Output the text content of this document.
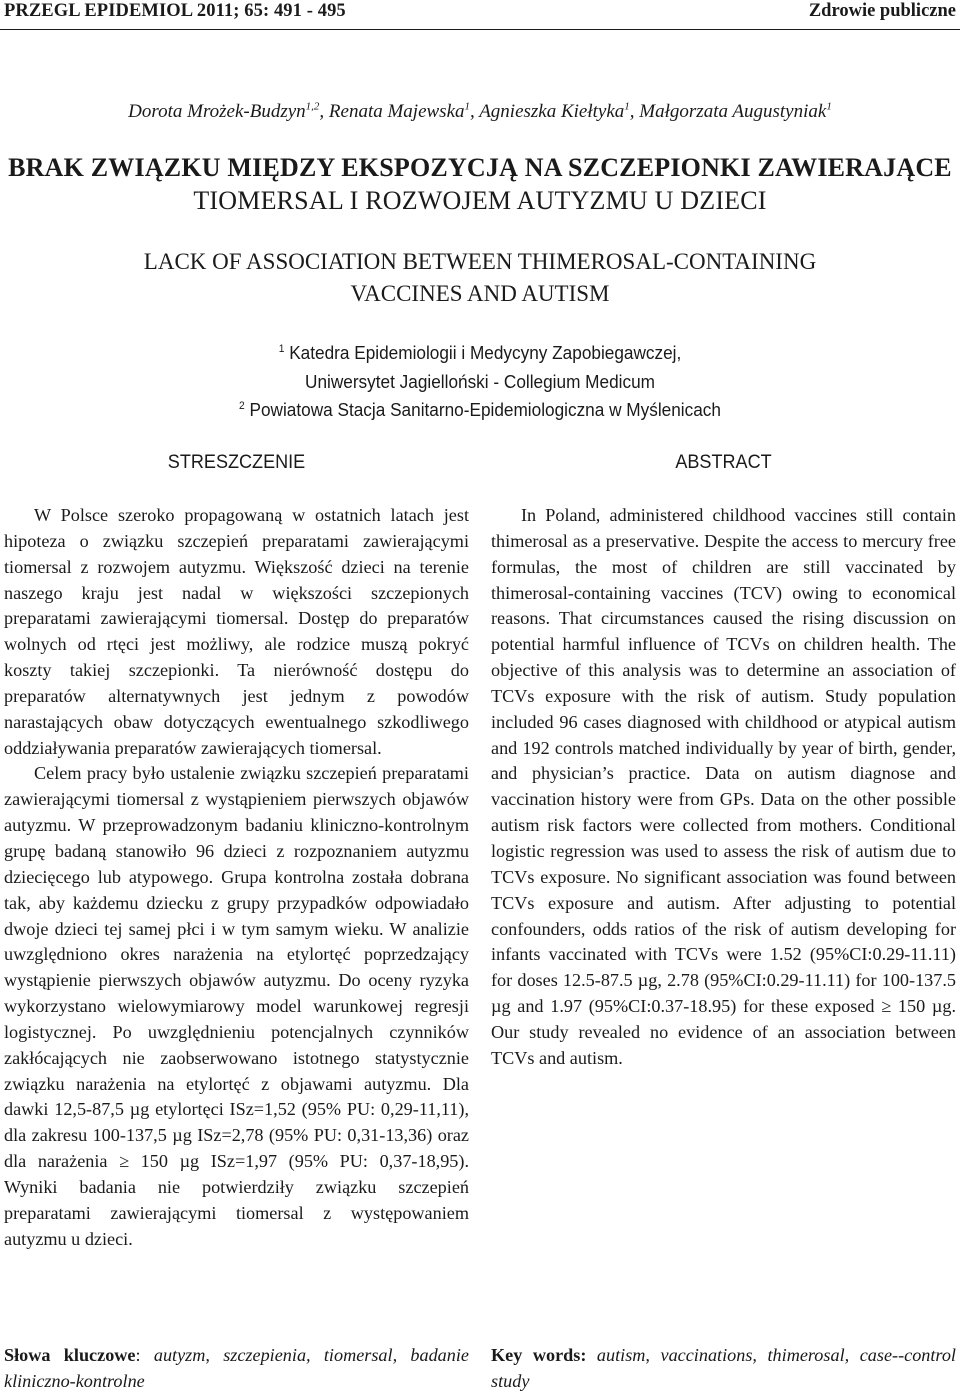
PRZEGL EPIDEMIOL 2011; 65: 491 - 495	Zdrowie publiczne
Dorota Mrożek-Budzyn$^{1,2}$, Renata Majewska$^1$, Agnieszka Kiełtyka$^1$, Małgorzata Augustyniak$^1$
BRAK ZWIĄZKU MIĘDZY EKSPOZYCJĄ NA SZCZEPIONKI ZAWIERAJĄCE
TIOMERSAL I ROZWOJEM AUTYZMU U DZIECI
LACK OF ASSOCIATION BETWEEN THIMEROSAL-CONTAINING
VACCINES AND AUTISM
$^1$ Katedra Epidemiologii i Medycyny Zapobiegawczej,
Uniwersytet Jagielloński - Collegium Medicum
$^2$ Powiatowa Stacja Sanitarno-Epidemiologiczna w Myślenicach
STRESZCZENIE	ABSTRACT

W Polsce szeroko propagowaną w ostatnich latach jest hipoteza o związku szczepień preparatami zawierającymi tiomersal z rozwojem autyzmu. Większość dzieci na terenie naszego kraju jest nadal w większości szczepionych preparatami zawierającymi tiomersal. Dostęp do preparatów wolnych od rtęci jest możliwy, ale rodzice muszą pokryć koszty takiej szczepionki. Ta nierówność dostępu do preparatów alternatywnych jest jednym z powodów narastających obaw dotyczących ewentualnego szkodliwego oddziaływania preparatów zawierających tiomersal.

Celem pracy było ustalenie związku szczepień preparatami zawierającymi tiomersal z wystąpieniem pierwszych objawów autyzmu. W przeprowadzonym badaniu kliniczno-kontrolnym grupę badaną stanowiło 96 dzieci z rozpoznaniem autyzmu dziecięcego lub atypowego. Grupa kontrolna została dobrana tak, aby każdemu dziecku z grupy przypadków odpowiadało dwoje dzieci tej samej płci i w tym samym wieku. W analizie uwzględniono okres narażenia na etylortęć poprzedzający wystąpienie pierwszych objawów autyzmu. Do oceny ryzyka wykorzystano wielowymiarowy model warunkowej regresji logistycznej. Po uwzględnieniu potencjalnych czynników zakłócających nie zaobserwowano istotnego statystycznie związku narażenia na etylortęć z objawami autyzmu. Dla dawki 12,5-87,5 µg etylortęci ISz=1,52 (95% PU: 0,29-11,11), dla zakresu 100-137,5 µg ISz=2,78 (95% PU: 0,31-13,36) oraz dla narażenia ≥ 150 µg ISz=1,97 (95% PU: 0,37-18,95). Wyniki badania nie potwierdziły związku szczepień preparatami zawierającymi tiomersal z występowaniem autyzmu u dzieci.

In Poland, administered childhood vaccines still contain thimerosal as a preservative. Despite the access to mercury free formulas, the most of children are still vaccinated by thimerosal-containing vaccines (TCV) owing to economical reasons. That circumstances caused the rising discussion on potential harmful influence of TCVs on children health. The objective of this analysis was to determine an association of TCVs exposure with the risk of autism. Study population included 96 cases diagnosed with childhood or atypical autism and 192 controls matched individually by year of birth, gender, and physician’s practice. Data on autism diagnose and vaccination history were from GPs. Data on the other possible autism risk factors were collected from mothers. Conditional logistic regression was used to assess the risk of autism due to TCVs exposure. No significant association was found between TCVs exposure and autism. After adjusting to potential confounders, odds ratios of the risk of autism developing for infants vaccinated with TCVs were 1.52 (95%CI:0.29-11.11) for doses 12.5-87.5 µg, 2.78 (95%CI:0.29-11.11) for 100-137.5 µg and 1.97 (95%CI:0.37-18.95) for these exposed ≥ 150 µg. Our study revealed no evidence of an association between TCVs and autism.

Słowa kluczowe: autyzm, szczepienia, tiomersal, badanie kliniczno-kontrolne
Key words: autism, vaccinations, thimerosal, case--control study
